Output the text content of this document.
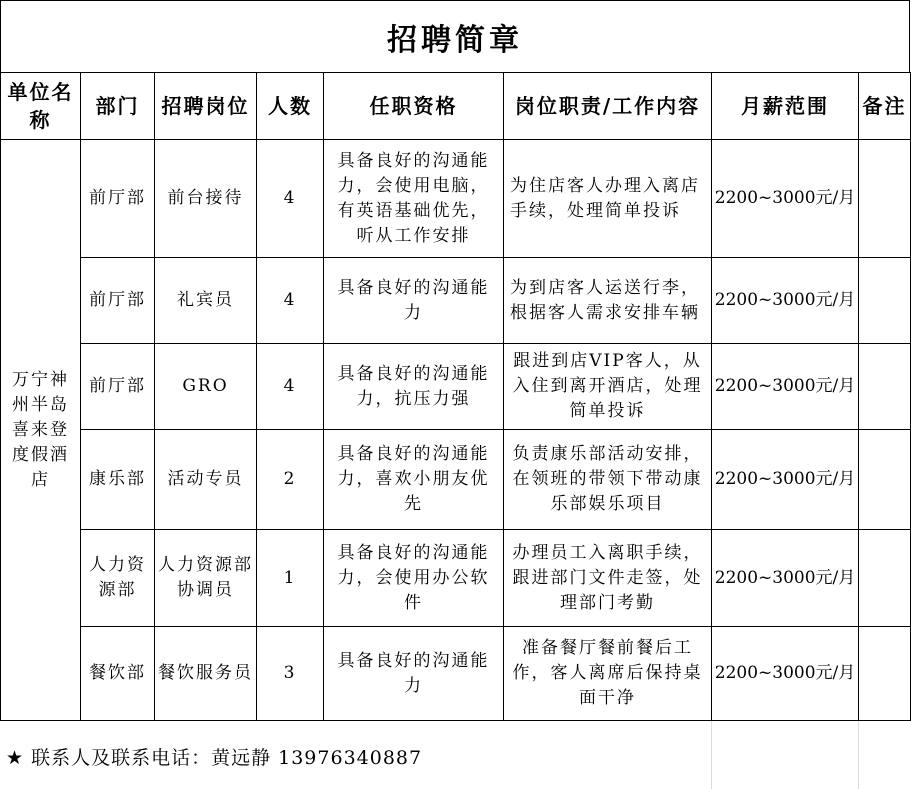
招聘简章
单位名称	部门	招聘岗位	人数	任职资格	岗位职责/工作内容	月薪范围	备注
万宁神州半岛喜来登度假酒店	前厅部	前台接待	4	具备良好的沟通能力，会使用电脑，有英语基础优先，听从工作安排	为住店客人办理入离店手续，处理简单投诉	2200~3000元/月	
	前厅部	礼宾员	4	具备良好的沟通能力	为到店客人运送行李，根据客人需求安排车辆	2200~3000元/月	
	前厅部	GRO	4	具备良好的沟通能力，抗压力强	跟进到店VIP客人，从入住到离开酒店，处理简单投诉	2200~3000元/月	
	康乐部	活动专员	2	具备良好的沟通能力，喜欢小朋友优先	负责康乐部活动安排，在领班的带领下带动康乐部娱乐项目	2200~3000元/月	
	人力资源部	人力资源部协调员	1	具备良好的沟通能力，会使用办公软件	办理员工入离职手续，跟进部门文件走签，处理部门考勤	2200~3000元/月	
	餐饮部	餐饮服务员	3	具备良好的沟通能力	准备餐厅餐前餐后工作，客人离席后保持桌面干净	2200~3000元/月	
★ 联系人及联系电话：黄远静 13976340887
